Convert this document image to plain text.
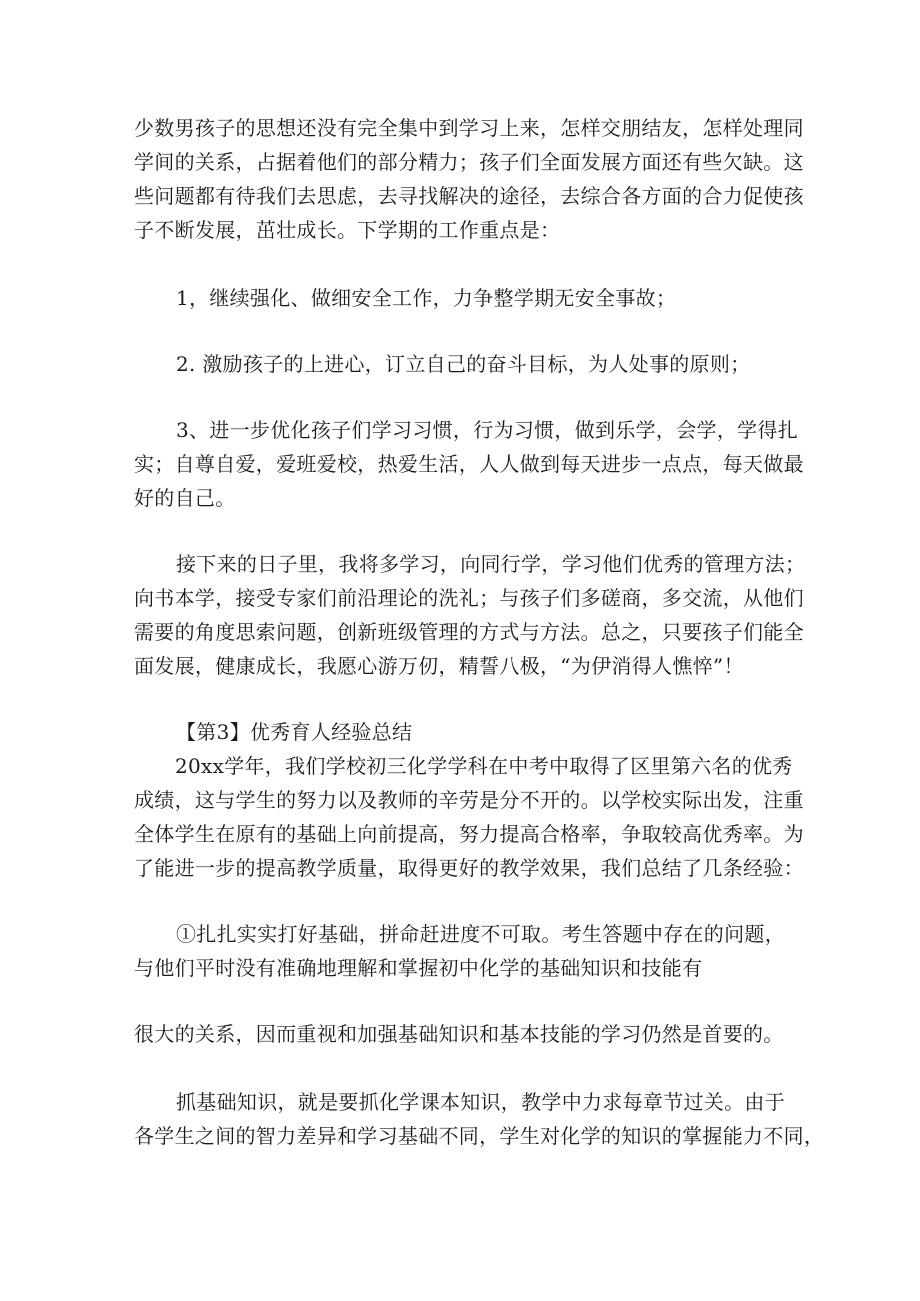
少数男孩子的思想还没有完全集中到学习上来，怎样交朋结友，怎样处理同
学间的关系，占据着他们的部分精力；孩子们全面发展方面还有些欠缺。这
些问题都有待我们去思虑，去寻找解决的途径，去综合各方面的合力促使孩
子不断发展，茁壮成长。下学期的工作重点是：
1，继续强化、做细安全工作，力争整学期无安全事故；
2. 激励孩子的上进心，订立自己的奋斗目标，为人处事的原则；
3、进一步优化孩子们学习习惯，行为习惯，做到乐学，会学，学得扎
实；自尊自爱，爱班爱校，热爱生活，人人做到每天进步一点点，每天做最
好的自己。
接下来的日子里，我将多学习，向同行学，学习他们优秀的管理方法；
向书本学，接受专家们前沿理论的洗礼；与孩子们多磋商，多交流，从他们
需要的角度思索问题，创新班级管理的方式与方法。总之，只要孩子们能全
面发展，健康成长，我愿心游万仞，精誓八极，“为伊消得人憔悴”！
【第3】优秀育人经验总结
20xx学年，我们学校初三化学学科在中考中取得了区里第六名的优秀
成绩，这与学生的努力以及教师的辛劳是分不开的。以学校实际出发，注重
全体学生在原有的基础上向前提高，努力提高合格率，争取较高优秀率。为
了能进一步的提高教学质量，取得更好的教学效果，我们总结了几条经验：
①扎扎实实打好基础，拼命赶进度不可取。考生答题中存在的问题，
与他们平时没有准确地理解和掌握初中化学的基础知识和技能有
很大的关系，因而重视和加强基础知识和基本技能的学习仍然是首要的。
抓基础知识，就是要抓化学课本知识，教学中力求每章节过关。由于
各学生之间的智力差异和学习基础不同，学生对化学的知识的掌握能力不同，
